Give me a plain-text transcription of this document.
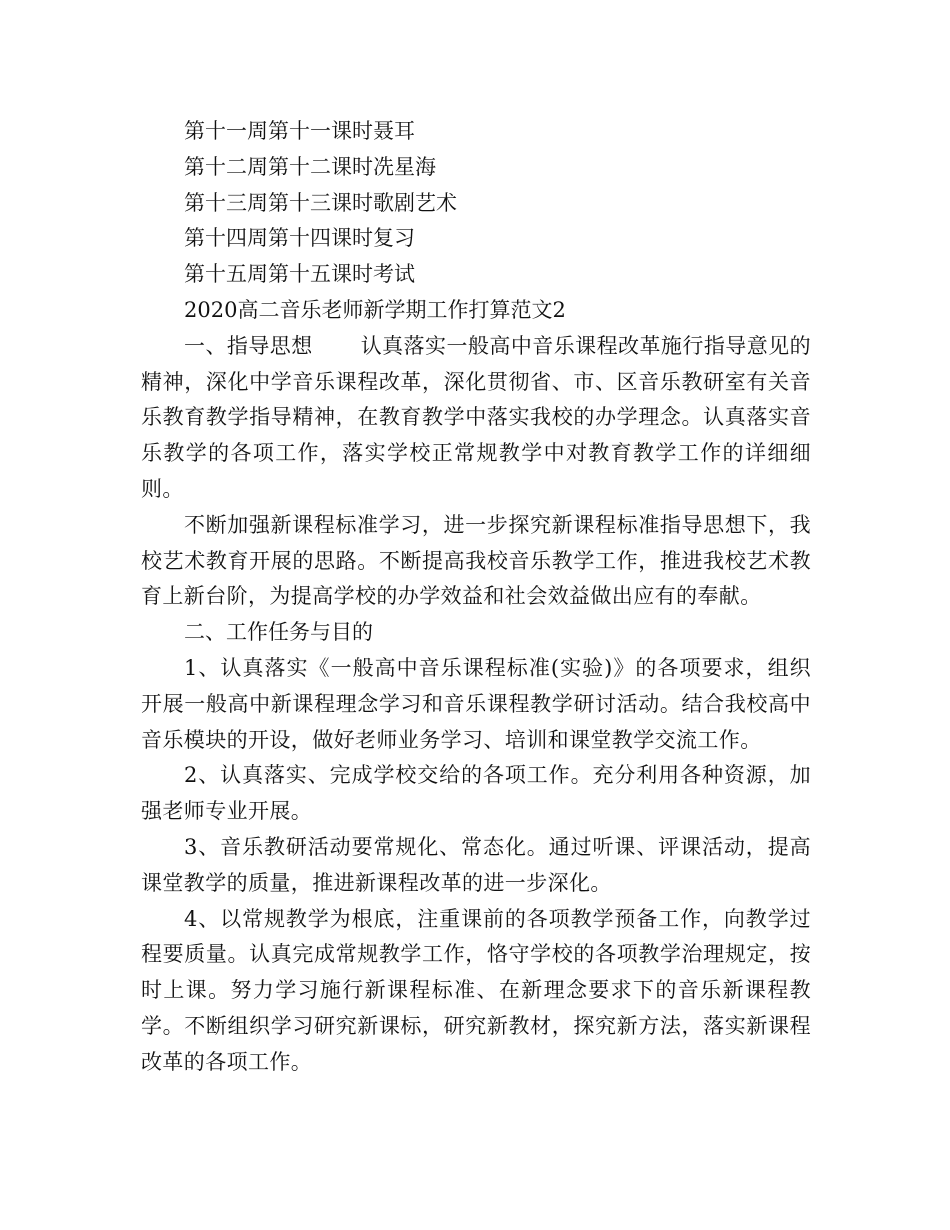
第十一周第十一课时聂耳

第十二周第十二课时冼星海

第十三周第十三课时歌剧艺术

第十四周第十四课时复习

第十五周第十五课时考试

2020高二音乐老师新学期工作打算范文2

一、指导思想 认真落实一般高中音乐课程改革施行指导意见的精神，深化中学音乐课程改革，深化贯彻省、市、区音乐教研室有关音乐教育教学指导精神，在教育教学中落实我校的办学理念。认真落实音乐教学的各项工作，落实学校正常规教学中对教育教学工作的详细细则。

不断加强新课程标准学习，进一步探究新课程标准指导思想下，我校艺术教育开展的思路。不断提高我校音乐教学工作，推进我校艺术教育上新台阶，为提高学校的办学效益和社会效益做出应有的奉献。

二、工作任务与目的

1、认真落实《一般高中音乐课程标准(实验)》的各项要求，组织开展一般高中新课程理念学习和音乐课程教学研讨活动。结合我校高中音乐模块的开设，做好老师业务学习、培训和课堂教学交流工作。

2、认真落实、完成学校交给的各项工作。充分利用各种资源，加强老师专业开展。

3、音乐教研活动要常规化、常态化。通过听课、评课活动，提高课堂教学的质量，推进新课程改革的进一步深化。

4、以常规教学为根底，注重课前的各项教学预备工作，向教学过程要质量。认真完成常规教学工作，恪守学校的各项教学治理规定，按时上课。努力学习施行新课程标准、在新理念要求下的音乐新课程教学。不断组织学习研究新课标，研究新教材，探究新方法，落实新课程改革的各项工作。
